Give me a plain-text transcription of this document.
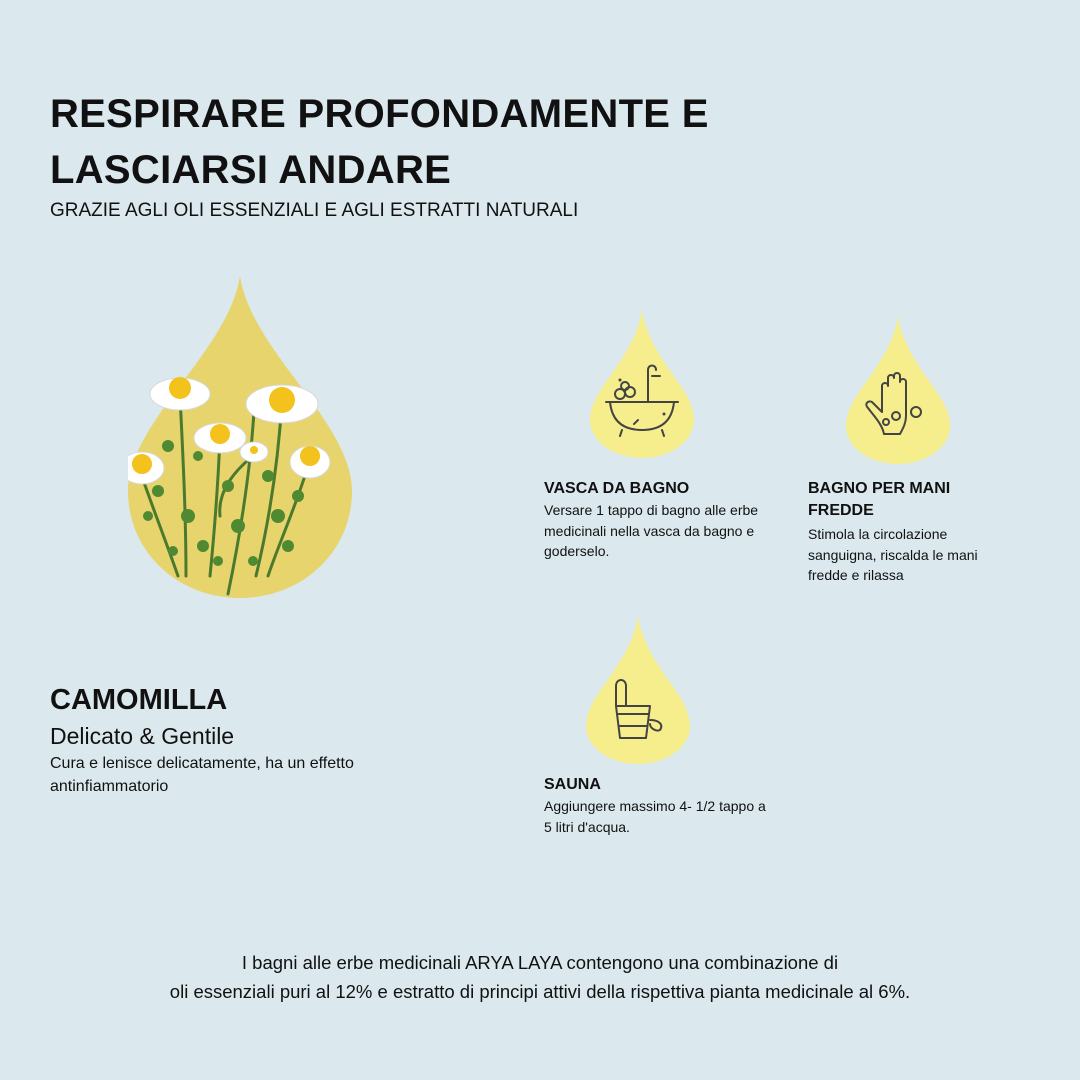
RESPIRARE PROFONDAMENTE E
LASCIARSI ANDARE
GRAZIE AGLI OLI ESSENZIALI E AGLI ESTRATTI NATURALI
CAMOMILLA
Delicato & Gentile
Cura e lenisce delicatamente, ha un effetto antinfiammatorio
VASCA DA BAGNO
Versare 1 tappo di bagno alle erbe medicinali nella vasca da bagno e goderselo.
BAGNO PER MANI FREDDE
Stimola la circolazione sanguigna, riscalda le mani fredde e rilassa
SAUNA
Aggiungere massimo 4- 1/2 tappo a 5 litri d'acqua.
I bagni alle erbe medicinali ARYA LAYA contengono una combinazione di
oli essenziali puri al 12% e estratto di principi attivi della rispettiva pianta medicinale al 6%.
